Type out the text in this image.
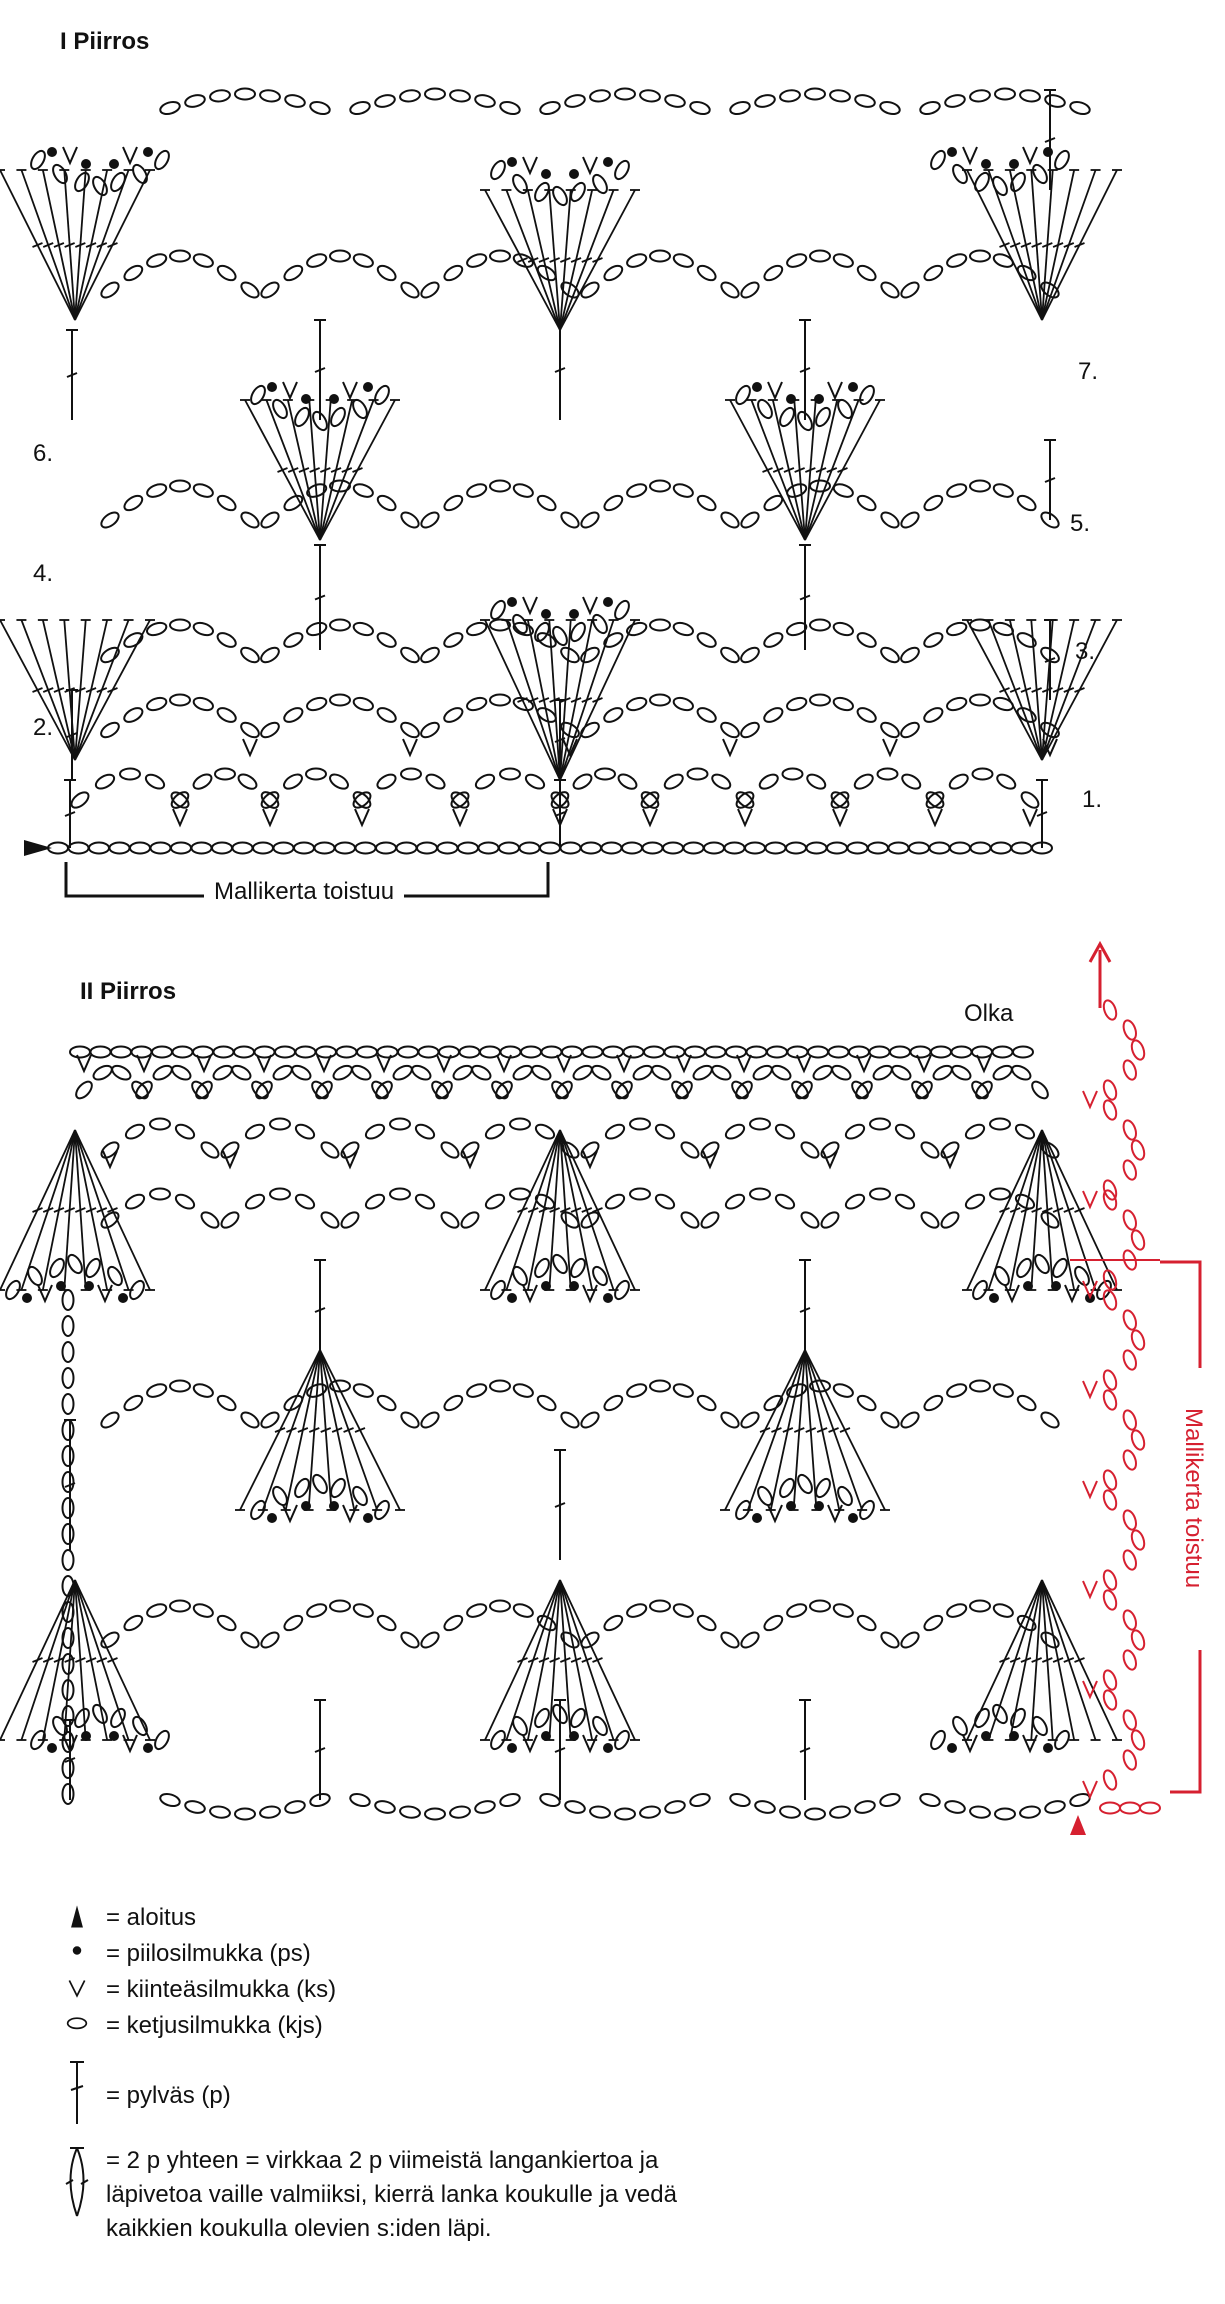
I Piirros
1.
2.
3.
4.
5.
6.
7.
Mallikerta toistuu
II Piirros
Olka
Mallikerta toistuu
= aloitus
= piilosilmukka (ps)
= kiinteäsilmukka (ks)
= ketjusilmukka (kjs)
= pylväs (p)
= 2 p yhteen = virkkaa 2 p viimeistä langankiertoa ja
läpivetoa vaille valmiiksi, kierrä lanka koukulle ja vedä
kaikkien koukulla olevien s:iden läpi.
